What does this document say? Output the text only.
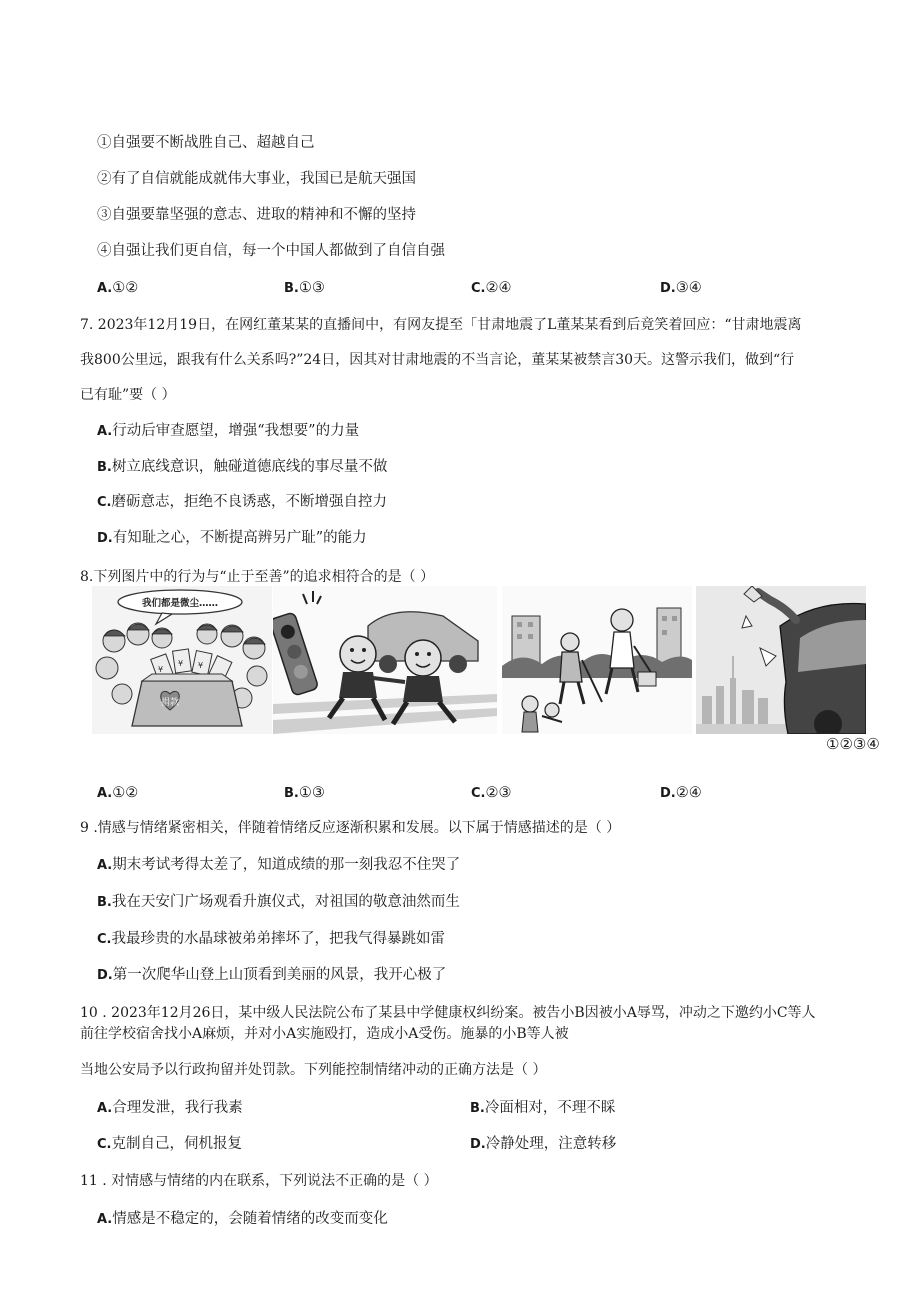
①自强要不断战胜自己、超越自己
②有了自信就能成就伟大事业，我国已是航天强国
③自强要靠坚强的意志、进取的精神和不懈的坚持
④自强让我们更自信，每一个中国人都做到了自信自强
A.①②	B.①③	C.②④	D.③④
7. 2023年12月19日，在网红董某某的直播间中，有网友提至「甘肃地震了L董某某看到后竟笑着回应：“甘肃地震离
我800公里远，跟我有什么关系吗?”24日，因其对甘肃地震的不当言论，董某某被禁言30天。这警示我们，做到“行
已有耻”要（ ）
A.行动后审查愿望，增强“我想要”的力量
B.树立底线意识，触碰道德底线的事尽量不做
C.磨砺意志，拒绝不良诱惑，不断增强自控力
D.有知耻之心，不断提高辨另广耻”的能力
8.下列图片中的行为与“止于至善”的追求相符合的是（ ）
我们都是微尘……
¥
¥ ¥
捐款
①②③④
A.①②	B.①③	C.②③	D.②④
9 .情感与情绪紧密相关，伴随着情绪反应逐渐积累和发展。以下属于情感描述的是（ ）
A.期末考试考得太差了，知道成绩的那一刻我忍不住哭了
B.我在天安门广场观看升旗仪式，对祖国的敬意油然而生
C.我最珍贵的水晶球被弟弟摔坏了，把我气得暴跳如雷
D.第一次爬华山登上山顶看到美丽的风景，我开心极了
10 . 2023年12月26日，某中级人民法院公布了某县中学健康权纠纷案。被告小B因被小A辱骂，冲动之下邀约小C等人
前往学校宿舍找小A麻烦，并对小A实施殴打，造成小A受伤。施暴的小B等人被
当地公安局予以行政拘留并处罚款。下列能控制情绪冲动的正确方法是（ ）
A.合理发泄，我行我素	B.冷面相对，不理不睬
C.克制自己，伺机报复	D.冷静处理，注意转移
11 . 对情感与情绪的内在联系，下列说法不正确的是（ ）
A.情感是不稳定的，会随着情绪的改变而变化
